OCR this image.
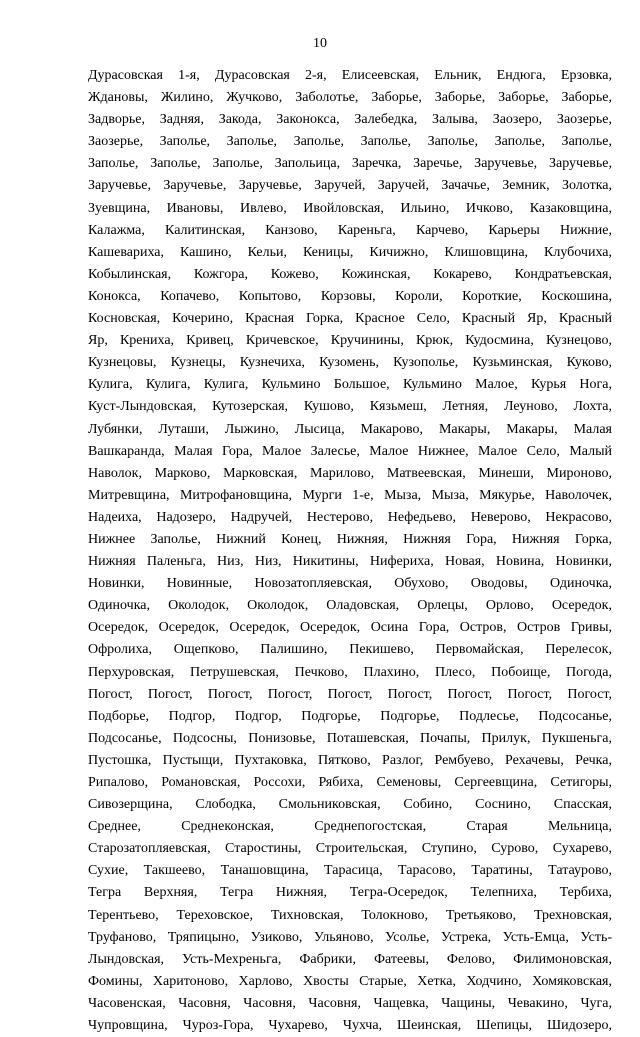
10
Дурасовская 1-я, Дурасовская 2-я, Елисеевская, Ельник, Ендюга, Ерзовка,
Ждановы, Жилино, Жучково, Заболотье, Заборье, Заборье, Заборье, Заборье,
Задворье, Задняя, Закода, Законокса, Залебедка, Залыва, Заозеро, Заозерье,
Заозерье, Заполье, Заполье, Заполье, Заполье, Заполье, Заполье, Заполье,
Заполье, Заполье, Заполье, Запольица, Заречка, Заречье, Заручевье, Заручевье,
Заручевье, Заручевье, Заручевье, Заручей, Заручей, Зачачье, Земник, Золотка,
Зуевщина, Ивановы, Ивлево, Ивойловская, Ильино, Ичково, Казаковщина,
Калажма, Калитинская, Канзово, Кареньга, Карчево, Карьеры Нижние,
Кашевариха, Кашино, Кельи, Кеницы, Кичижно, Клишовщина, Клубочиха,
Кобылинская, Кожгора, Кожево, Кожинская, Кокарево, Кондратьевская,
Конокса, Копачево, Копытово, Корзовы, Короли, Короткие, Коскошина,
Косновская, Кочерино, Красная Горка, Красное Село, Красный Яр, Красный
Яр, Крениха, Кривец, Кричевское, Кручинины, Крюк, Кудосмина, Кузнецово,
Кузнецовы, Кузнецы, Кузнечиха, Кузомень, Кузополье, Кузьминская, Куково,
Кулига, Кулига, Кулига, Кульмино Большое, Кульмино Малое, Курья Нога,
Куст-Лындовская, Кутозерская, Кушово, Кязьмеш, Летняя, Леуново, Лохта,
Лубянки, Луташи, Лыжино, Лысица, Макарово, Макары, Макары, Малая
Вашкаранда, Малая Гора, Малое Залесье, Малое Нижнее, Малое Село, Малый
Наволок, Марково, Марковская, Марилово, Матвеевская, Минеши, Мироново,
Митревщина, Митрофановщина, Мурги 1-е, Мыза, Мыза, Мякурье, Наволочек,
Надеиха, Надозеро, Надручей, Нестерово, Нефедьево, Неверово, Некрасово,
Нижнее Заполье, Нижний Конец, Нижняя, Нижняя Гора, Нижняя Горка,
Нижняя Паленьга, Низ, Низ, Никитины, Нифериха, Новая, Новина, Новинки,
Новинки, Новинные, Новозатопляевская, Обухово, Оводовы, Одиночка,
Одиночка, Околодок, Околодок, Оладовская, Орлецы, Орлово, Осередок,
Осередок, Осередок, Осередок, Осередок, Осина Гора, Остров, Остров Гривы,
Офролиха, Ощепково, Палишино, Пекишево, Первомайская, Перелесок,
Перхуровская, Петрушевская, Печково, Плахино, Плесо, Побоище, Погода,
Погост, Погост, Погост, Погост, Погост, Погост, Погост, Погост, Погост,
Подборье, Подгор, Подгор, Подгорье, Подгорье, Подлесье, Подсосанье,
Подсосанье, Подсосны, Понизовье, Поташевская, Почапы, Прилук, Пукшеньга,
Пустошка, Пустыщи, Пухтаковка, Пятково, Разлог, Рембуево, Рехачевы, Речка,
Рипалово, Романовская, Россохи, Рябиха, Семеновы, Сергеевщина, Сетигоры,
Сивозерщина, Слободка, Смольниковская, Собино, Соснино, Спасская,
Среднее, Среднеконская, Среднепогостская, Старая Мельница,
Старозатопляевская, Старостины, Строительская, Ступино, Сурово, Сухарево,
Сухие, Такшеево, Танашовщина, Тарасица, Тарасово, Таратины, Татаурово,
Тегра Верхняя, Тегра Нижняя, Тегра-Осередок, Телепниха, Тербиха,
Терентьево, Тереховское, Тихновская, Толокново, Третьяково, Трехновская,
Труфаново, Тряпицыно, Узиково, Ульяново, Усолье, Устрека, Усть-Емца, Усть-
Лындовская, Усть-Мехреньга, Фабрики, Фатеевы, Фелово, Филимоновская,
Фомины, Харитоново, Харлово, Хвосты Старые, Хетка, Ходчино, Хомяковская,
Часовенская, Часовня, Часовня, Часовня, Чащевка, Чащины, Чевакино, Чуга,
Чупровщина, Чуроз-Гора, Чухарево, Чухча, Шеинская, Шепицы, Шидозеро,
